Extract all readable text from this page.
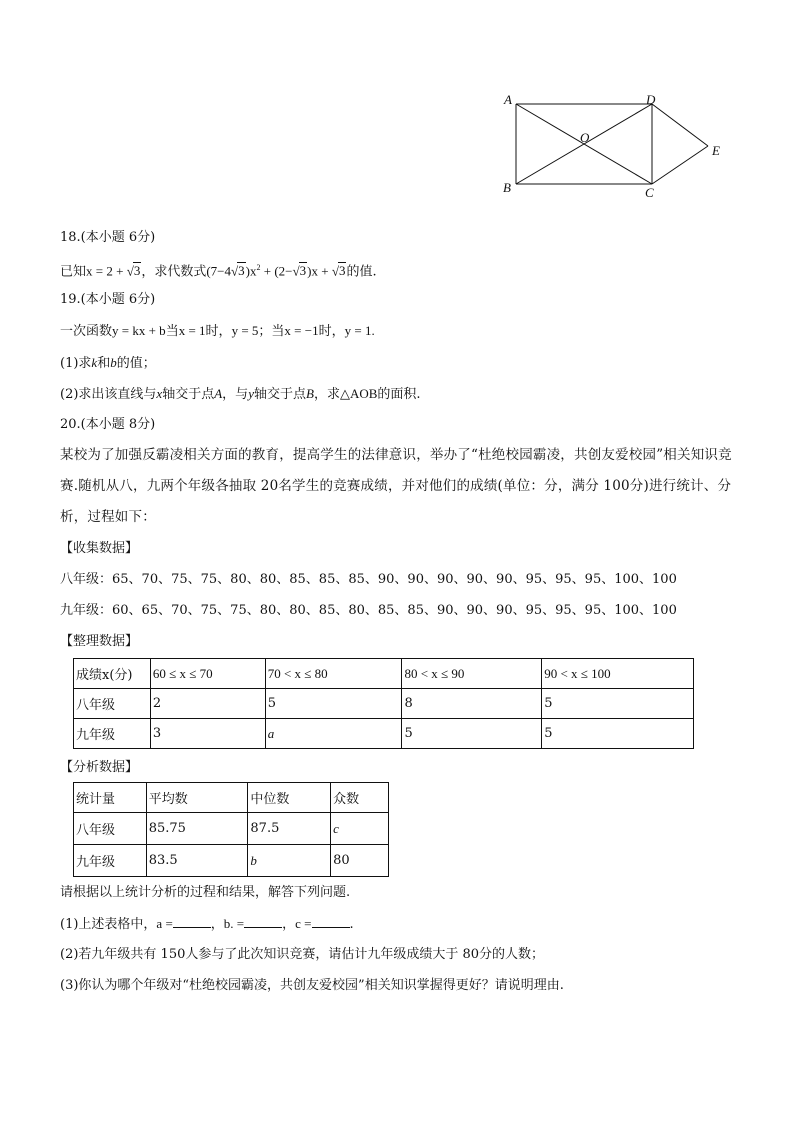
A	D
O
E
B	C
18.(本小题 6分)
已知x = 2 + √3，求代数式$(7-4√3)x^2 + (2-√3)x + √3$的值.
19.(本小题 6分)
一次函数y = kx + b当x = 1时，y = 5；当x = −1时，y = 1.
(1)求k和b的值；
(2)求出该直线与x轴交于点A，与y轴交于点B，求△AOB的面积.
20.(本小题 8分)
某校为了加强反霸凌相关方面的教育，提高学生的法律意识，举办了“杜绝校园霸凌，共创友爱校园”相关知识竞赛.随机从八，九两个年级各抽取 20名学生的竞赛成绩，并对他们的成绩(单位：分，满分 100分)进行统计、分析，过程如下：
【收集数据】
八年级：65、70、75、75、80、80、85、85、85、90、90、90、90、90、95、95、95、100、100
九年级：60、65、70、75、75、80、80、85、80、85、85、90、90、90、95、95、95、100、100
【整理数据】
成绩x(分)	60 ≤ x ≤ 70	70 < x ≤ 80	80 < x ≤ 90	90 < x ≤ 100
八年级	2	5	8	5
九年级	3	a	5	5
【分析数据】
统计量	平均数	中位数	众数
八年级	85.75	87.5	c
九年级	83.5	b	80
请根据以上统计分析的过程和结果，解答下列问题.
(1)上述表格中，a =	，b. =	，c =	.
(2)若九年级共有 150人参与了此次知识竞赛，请估计九年级成绩大于 80分的人数；
(3)你认为哪个年级对“杜绝校园霸凌，共创友爱校园”相关知识掌握得更好？请说明理由.
